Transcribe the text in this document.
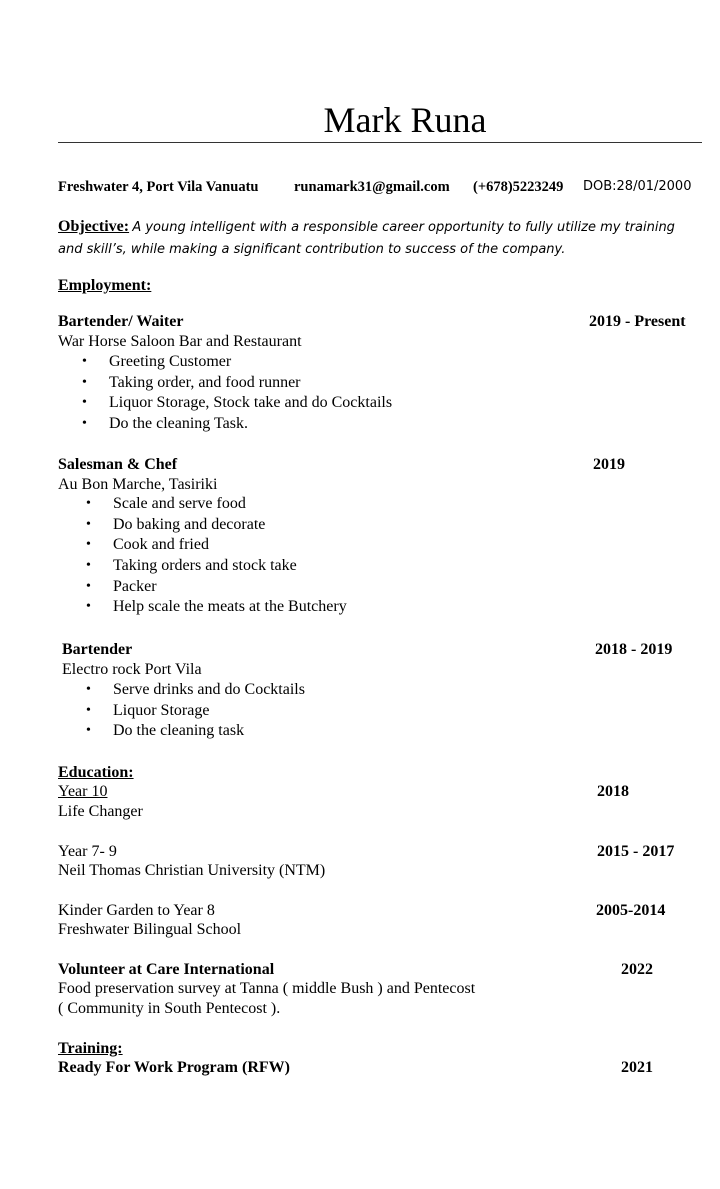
Mark Runa
Freshwater 4, Port Vila Vanuatu runamark31@gmail.com (+678)5223249 DOB:28/01/2000
Objective: A young intelligent with a responsible career opportunity to fully utilize my training and skill’s, while making a significant contribution to success of the company.
Employment:
Bartender/ Waiter	2019 - Present
War Horse Saloon Bar and Restaurant
• Greeting Customer
• Taking order, and food runner
• Liquor Storage, Stock take and do Cocktails
• Do the cleaning Task.
Salesman & Chef	2019
Au Bon Marche, Tasiriki
• Scale and serve food
• Do baking and decorate
• Cook and fried
• Taking orders and stock take
• Packer
• Help scale the meats at the Butchery
Bartender	2018 - 2019
Electro rock Port Vila
• Serve drinks and do Cocktails
• Liquor Storage
• Do the cleaning task
Education:
Year 10	2018
Life Changer
Year 7- 9	2015 - 2017
Neil Thomas Christian University (NTM)
Kinder Garden to Year 8	2005-2014
Freshwater Bilingual School
Volunteer at Care International	2022
Food preservation survey at Tanna ( middle Bush ) and Pentecost
( Community in South Pentecost ).
Training:
Ready For Work Program (RFW)	2021
